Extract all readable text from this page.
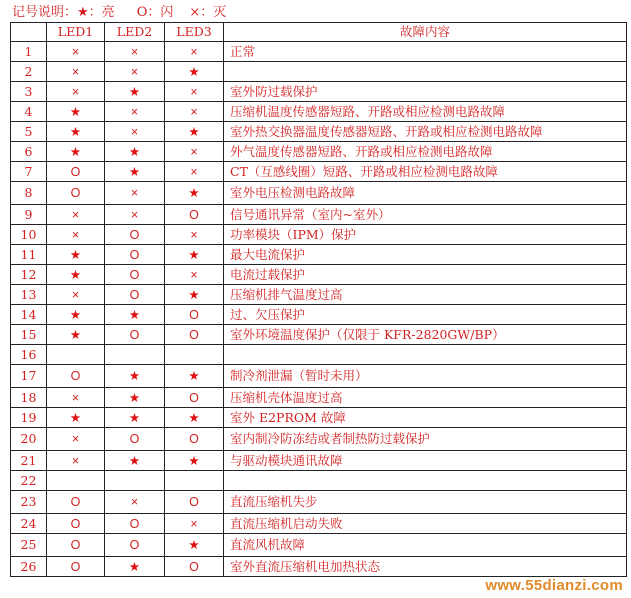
记号说明：★：亮 O：闪 ×：灭
	LED1	LED2	LED3	故障内容
1	×	×	×	正常
2	×	×	★	
3	×	★	×	室外防过载保护
4	★	×	×	压缩机温度传感器短路、开路或相应检测电路故障
5	★	×	★	室外热交换器温度传感器短路、开路或相应检测电路故障
6	★	★	×	外气温度传感器短路、开路或相应检测电路故障
7	O	★	×	CT（互感线圈）短路、开路或相应检测电路故障
8	O	×	★	室外电压检测电路故障
9	×	×	O	信号通讯异常（室内~室外）
10	×	O	×	功率模块（IPM）保护
11	★	O	★	最大电流保护
12	★	O	×	电流过载保护
13	×	O	★	压缩机排气温度过高
14	★	★	O	过、欠压保护
15	★	O	O	室外环境温度保护（仅限于 KFR-2820GW/BP）
16				
17	O	★	★	制冷剂泄漏（暂时未用）
18	×	★	O	压缩机壳体温度过高
19	★	★	★	室外 E2PROM 故障
20	×	O	O	室内制冷防冻结或者制热防过载保护
21	×	★	★	与驱动模块通讯故障
22				
23	O	×	O	直流压缩机失步
24	O	O	×	直流压缩机启动失败
25	O	O	★	直流风机故障
26	O	★	O	室外直流压缩机电加热状态
www.55dianzi.com
